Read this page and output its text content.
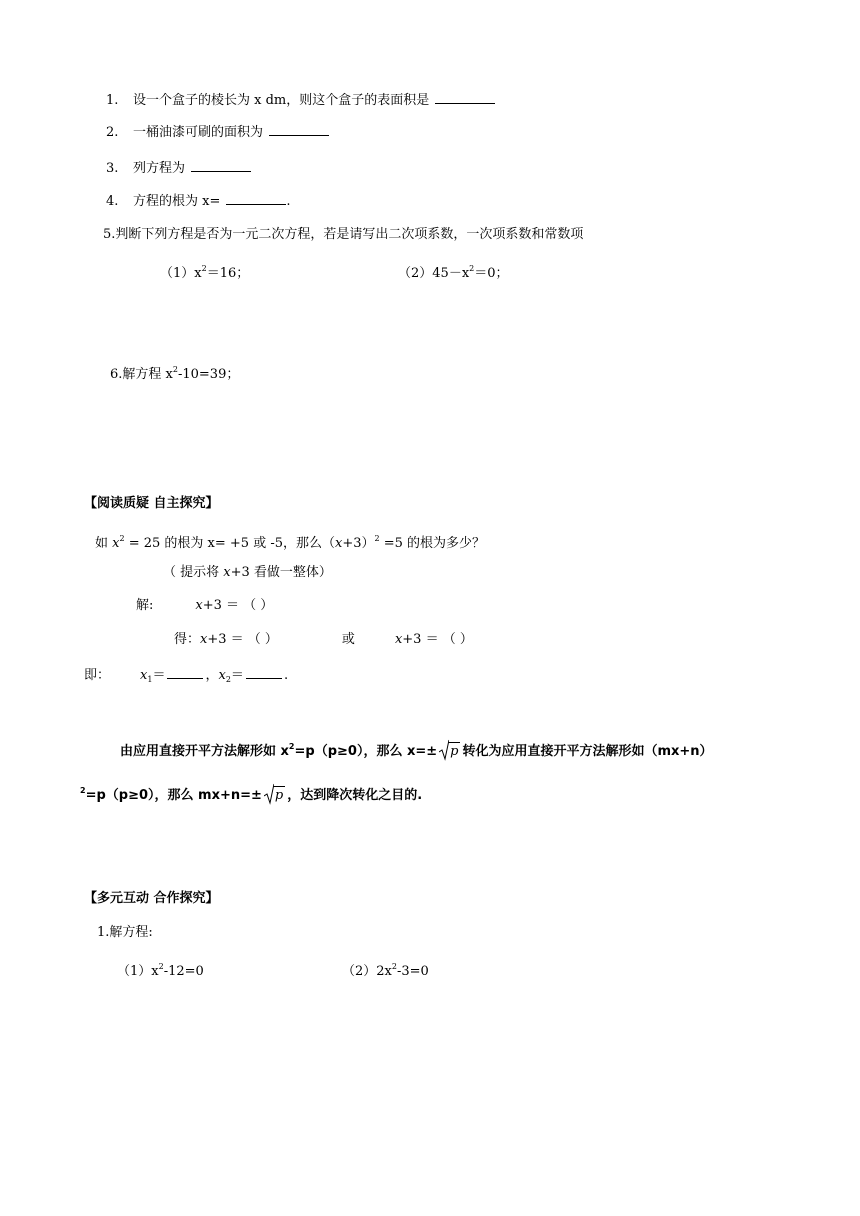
1. 设一个盒子的棱长为 x dm，则这个盒子的表面积是
2. 一桶油漆可刷的面积为
3. 列方程为
4. 方程的根为 x=	.
5.判断下列方程是否为一元二次方程，若是请写出二次项系数，一次项系数和常数项
$(1)x^2=16$；	$(2)45-x^2=0$；
6.解方程 $x^2-10=39$；
【阅读质疑 自主探究】
如 $x^2 = 25$ 的根为 x= +5 或 -5，那么$(x+3)^2 =5$ 的根为多少？
（ 提示将 x+3 看做一整体）
解:	x+3 ＝ （ ）
得：x+3 ＝ （ ）	或	x+3 ＝ （ ）
即： $x_1=$	，$x_2=$	.
由应用直接开平方法解形如 $x^2=p(p\ge 0)$，那么 x=± p 转化为应用直接开平方法解形如（mx+n）
$^2$=p（p≥0），那么 mx+n=± p ，达到降次转化之目的.
【多元互动 合作探究】
1.解方程:
$(1)x^2-12=0$	$(2)2x^2-3=0$
